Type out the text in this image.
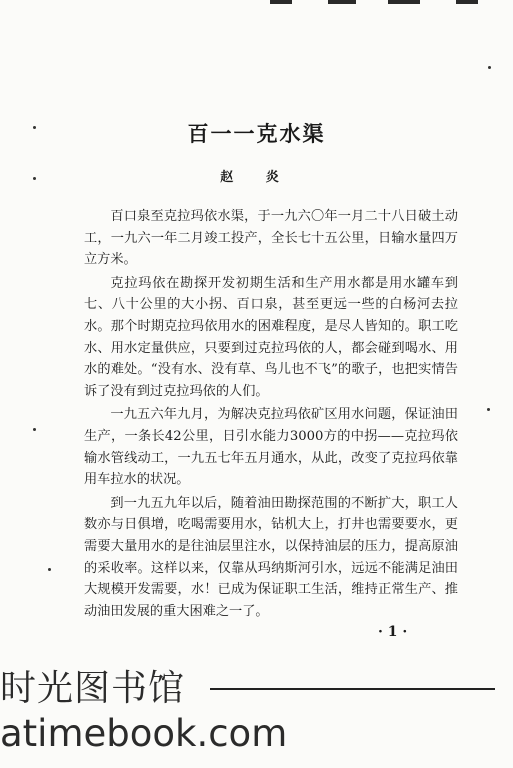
百一一克水渠
赵 炎

百口泉至克拉玛依水渠，于一九六〇年一月二十八日破土动工，一九六一年二月竣工投产，全长七十五公里，日输水量四万立方米。

克拉玛依在勘探开发初期生活和生产用水都是用水罐车到七、八十公里的大小拐、百口泉，甚至更远一些的白杨河去拉水。那个时期克拉玛依用水的困难程度，是尽人皆知的。职工吃水、用水定量供应，只要到过克拉玛依的人，都会碰到喝水、用水的难处。“没有水、没有草、鸟儿也不飞”的歌子，也把实情告诉了没有到过克拉玛依的人们。

一九五六年九月，为解决克拉玛依矿区用水问题，保证油田生产，一条长42公里，日引水能力3000方的中拐——克拉玛依输水管线动工，一九五七年五月通水，从此，改变了克拉玛依靠用车拉水的状况。

到一九五九年以后，随着油田勘探范围的不断扩大，职工人数亦与日俱增，吃喝需要用水，钻机大上，打井也需要要水，更需要大量用水的是往油层里注水，以保持油层的压力，提高原油的采收率。这样以来，仅靠从玛纳斯河引水，远远不能满足油田大规模开发需要，水！已成为保证职工生活，维持正常生产、推动油田发展的重大困难之一了。

· 1 ·
时光图书馆
atimebook.com
